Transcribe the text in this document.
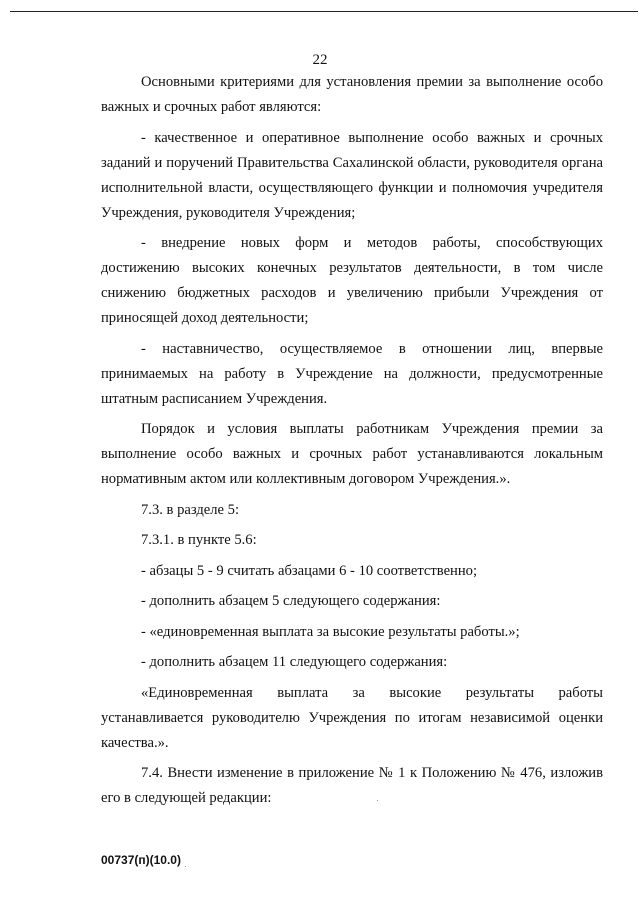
22

Основными критериями для установления премии за выполнение особо важных и срочных работ являются:

- качественное и оперативное выполнение особо важных и срочных заданий и поручений Правительства Сахалинской области, руководителя органа исполнительной власти, осуществляющего функции и полномочия учредителя Учреждения, руководителя Учреждения;

- внедрение новых форм и методов работы, способствующих достижению высоких конечных результатов деятельности, в том числе снижению бюджетных расходов и увеличению прибыли Учреждения от приносящей доход деятельности;

- наставничество, осуществляемое в отношении лиц, впервые принимаемых на работу в Учреждение на должности, предусмотренные штатным расписанием Учреждения.

Порядок и условия выплаты работникам Учреждения премии за выполнение особо важных и срочных работ устанавливаются локальным нормативным актом или коллективным договором Учреждения.».

7.3. в разделе 5:

7.3.1. в пункте 5.6:

- абзацы 5 - 9 считать абзацами 6 - 10 соответственно;

- дополнить абзацем 5 следующего содержания:

- «единовременная выплата за высокие результаты работы.»;

- дополнить абзацем 11 следующего содержания:

«Единовременная выплата за высокие результаты работы устанавливается руководителю Учреждения по итогам независимой оценки качества.».

7.4. Внести изменение в приложение № 1 к Положению № 476, изложив его в следующей редакции:

00737(п)(10.0)
